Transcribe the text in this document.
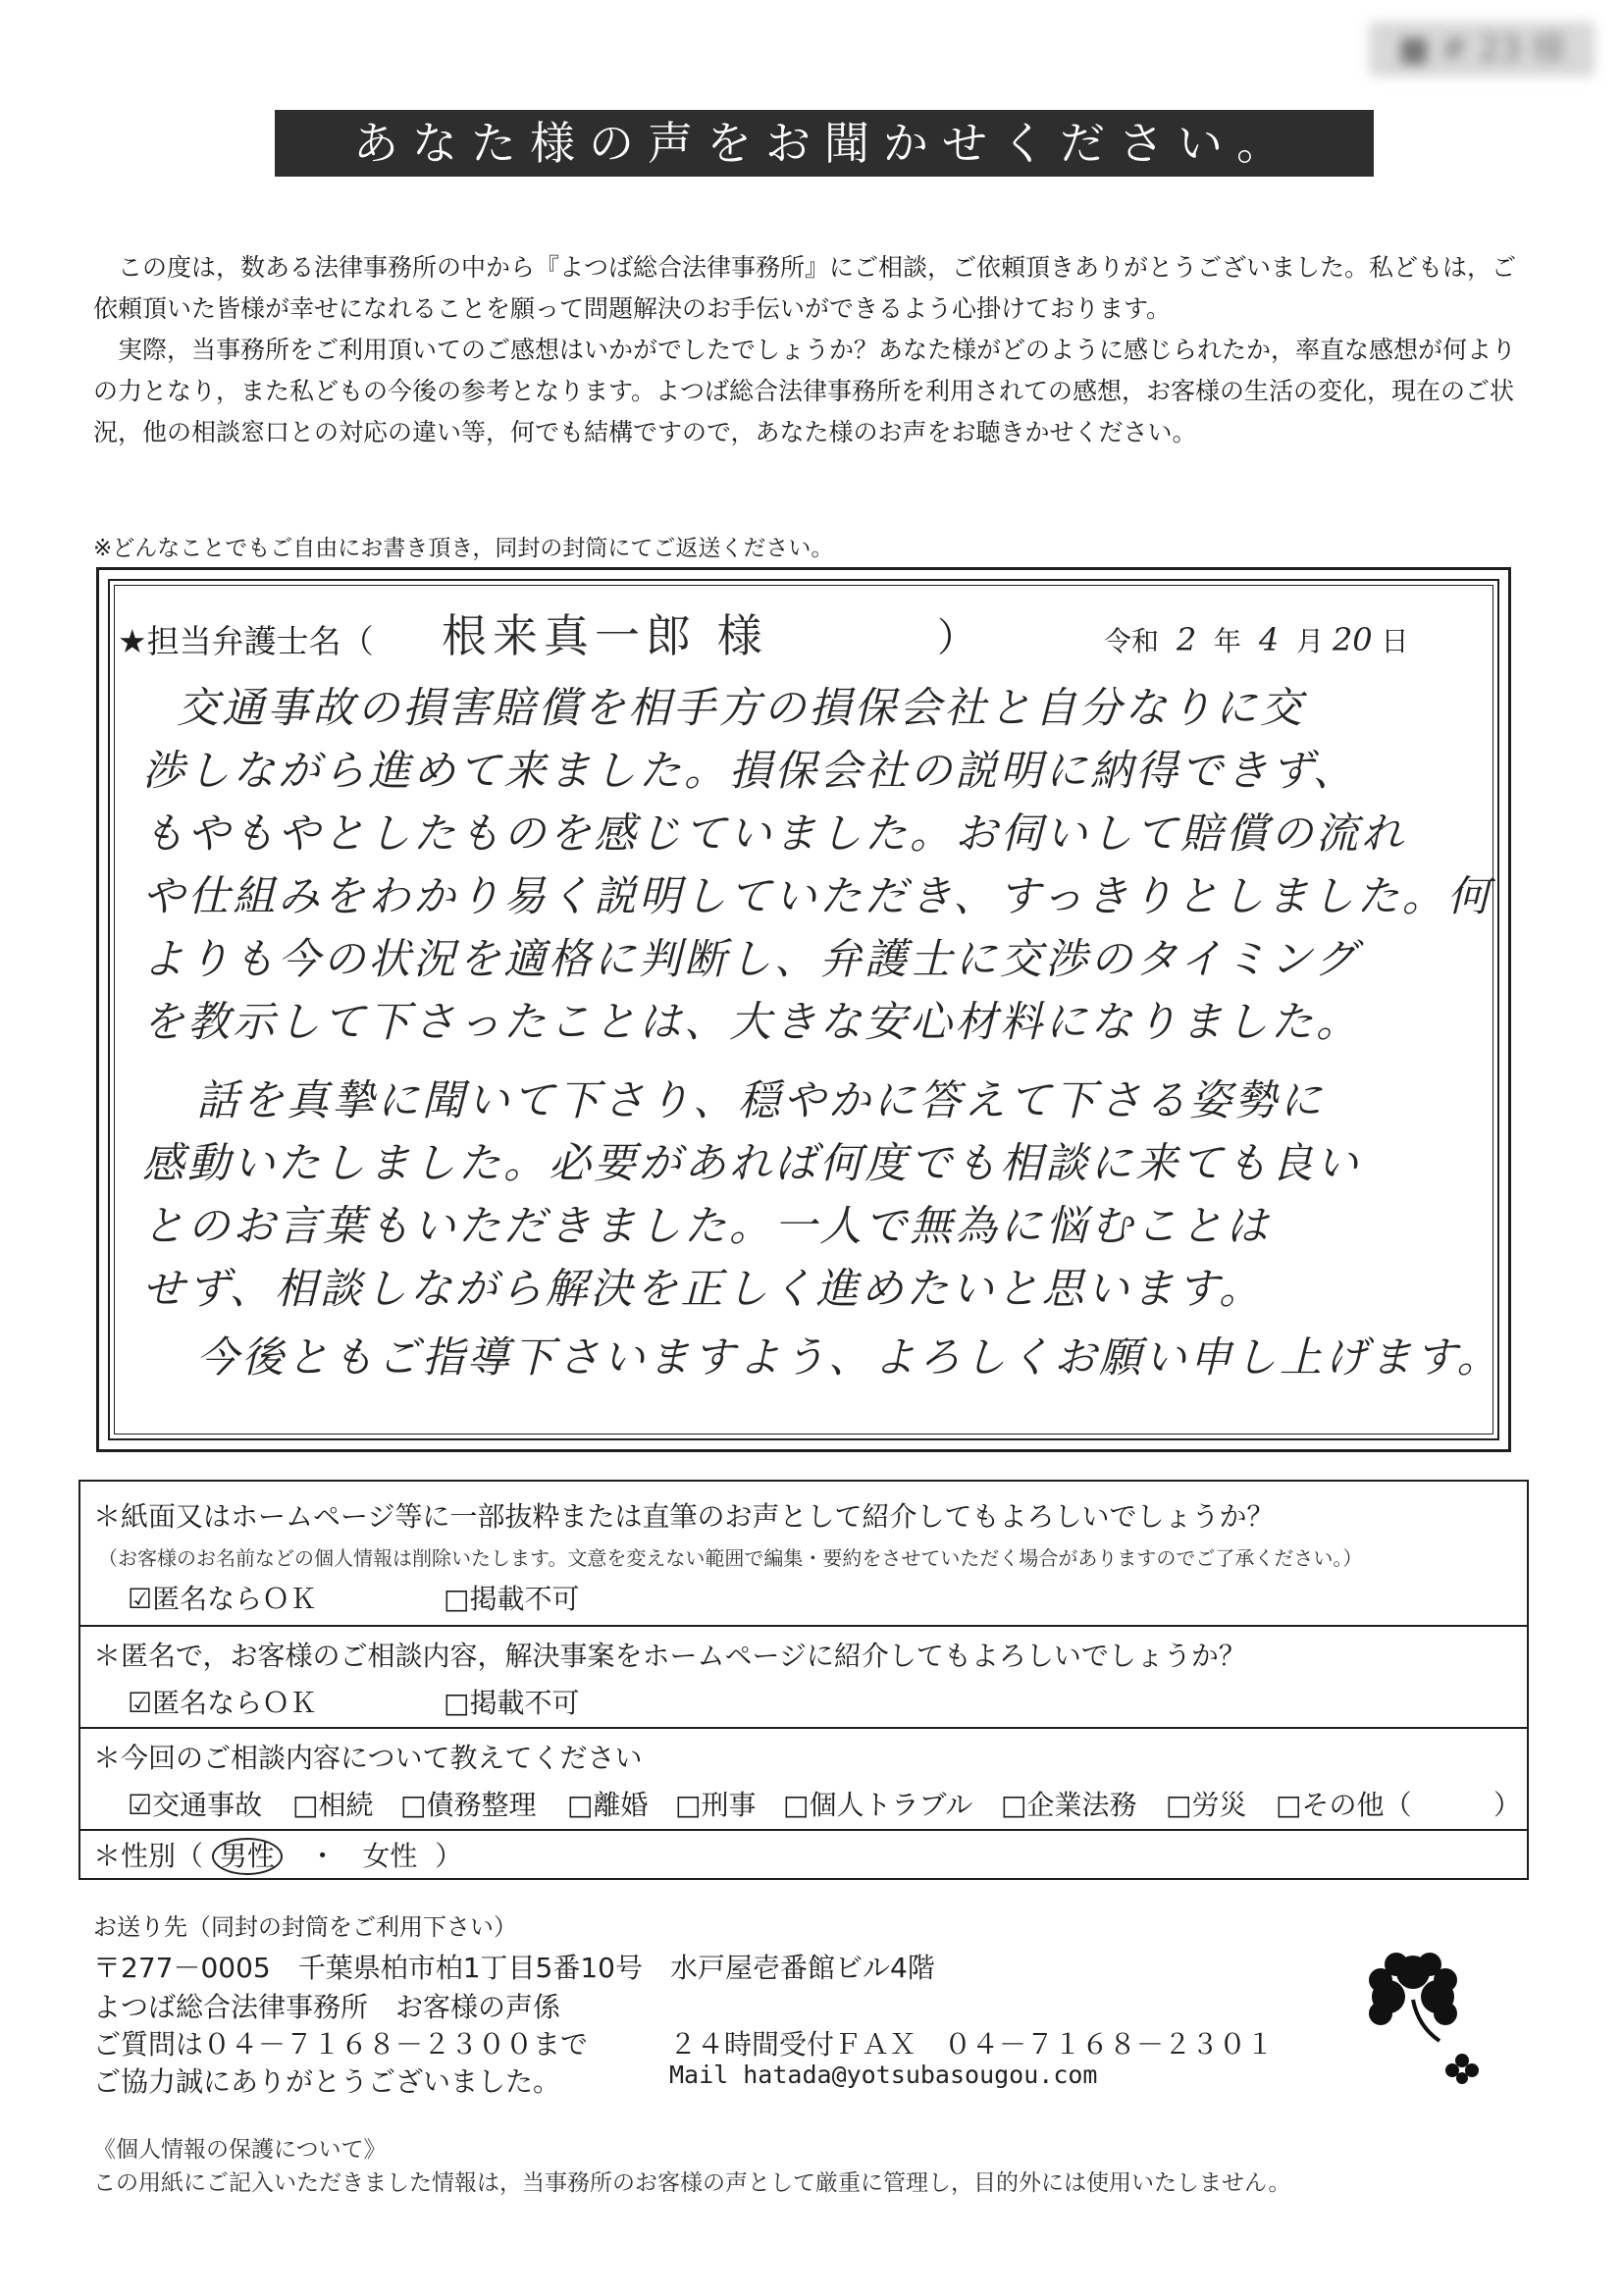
■ # 23 様
あなた様の声をお聞かせください。

この度は，数ある法律事務所の中から『よつば総合法律事務所』にご相談，ご依頼頂きありがとうございました。私どもは，ご依頼頂いた皆様が幸せになれることを願って問題解決のお手伝いができるよう心掛けております。

実際，当事務所をご利用頂いてのご感想はいかがでしたでしょうか？あなた様がどのように感じられたか，率直な感想が何よりの力となり，また私どもの今後の参考となります。よつば総合法律事務所を利用されての感想，お客様の生活の変化，現在のご状況，他の相談窓口との対応の違い等，何でも結構ですので，あなた様のお声をお聴きかせください。

※どんなことでもご自由にお書き頂き，同封の封筒にてご返送ください。
★担当弁護士名（ 根来真一郎 様	）	令和 2 年 4 月 20 日
交通事故の損害賠償を相手方の損保会社と自分なりに交
渉しながら進めて来ました。損保会社の説明に納得できず、
もやもやとしたものを感じていました。お伺いして賠償の流れ
や仕組みをわかり易く説明していただき、すっきりとしました。何
よりも今の状況を適格に判断し、弁護士に交渉のタイミング
を教示して下さったことは、大きな安心材料になりました。
話を真摯に聞いて下さり、穏やかに答えて下さる姿勢に
感動いたしました。必要があれば何度でも相談に来ても良い
とのお言葉もいただきました。一人で無為に悩むことは
せず、相談しながら解決を正しく進めたいと思います。
今後ともご指導下さいますよう、よろしくお願い申し上げます。
＊紙面又はホームページ等に一部抜粋または直筆のお声として紹介してもよろしいでしょうか？
（お客様のお名前などの個人情報は削除いたします。文意を変えない範囲で編集・要約をさせていただく場合がありますのでご了承ください。）
☑匿名ならＯＫ	□掲載不可
＊匿名で，お客様のご相談内容，解決事案をホームページに紹介してもよろしいでしょうか？
☑匿名ならＯＫ	□掲載不可
＊今回のご相談内容について教えてください
☑交通事故 □相続 □債務整理 □離婚 □刑事 □個人トラブル □企業法務 □労災 □その他（	）
＊性別（ 男性 ・ 女性 ）
お送り先（同封の封筒をご利用下さい）
〒277－0005　千葉県柏市柏1丁目5番10号　水戸屋壱番館ビル4階
よつば総合法律事務所　お客様の声係
ご質問は０４－７１６８－２３００まで	２４時間受付ＦＡＸ　０４－７１６８－２３０１
ご協力誠にありがとうございました。	Mail hatada@yotsubasougou.com
《個人情報の保護について》
この用紙にご記入いただきました情報は，当事務所のお客様の声として厳重に管理し，目的外には使用いたしません。
